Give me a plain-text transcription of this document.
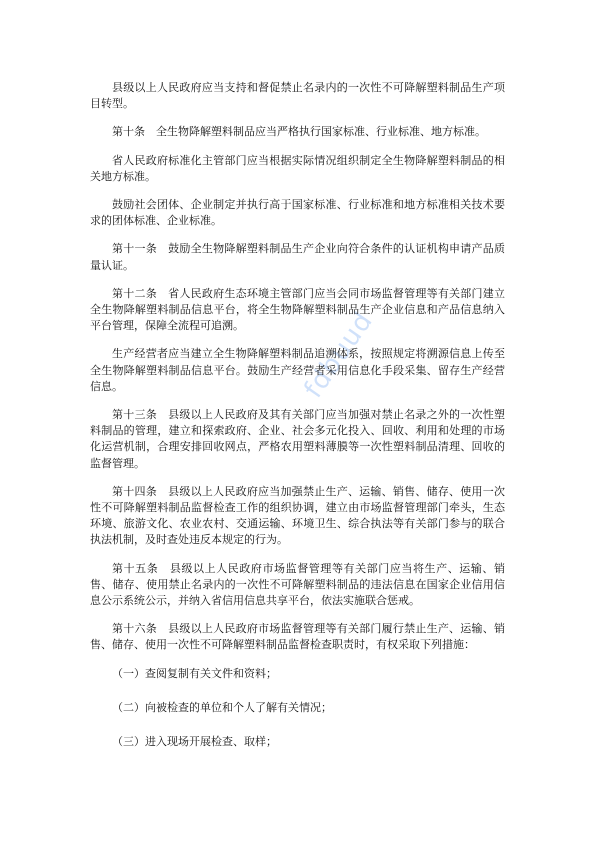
fdbuud

县级以上人民政府应当支持和督促禁止名录内的一次性不可降解塑料制品生产项目转型。

第十条　全生物降解塑料制品应当严格执行国家标准、行业标准、地方标准。

省人民政府标准化主管部门应当根据实际情况组织制定全生物降解塑料制品的相关地方标准。

鼓励社会团体、企业制定并执行高于国家标准、行业标准和地方标准相关技术要求的团体标准、企业标准。

第十一条　鼓励全生物降解塑料制品生产企业向符合条件的认证机构申请产品质量认证。

第十二条　省人民政府生态环境主管部门应当会同市场监督管理等有关部门建立全生物降解塑料制品信息平台，将全生物降解塑料制品生产企业信息和产品信息纳入平台管理，保障全流程可追溯。

生产经营者应当建立全生物降解塑料制品追溯体系，按照规定将溯源信息上传至全生物降解塑料制品信息平台。鼓励生产经营者采用信息化手段采集、留存生产经营信息。

第十三条　县级以上人民政府及其有关部门应当加强对禁止名录之外的一次性塑料制品的管理，建立和探索政府、企业、社会多元化投入、回收、利用和处理的市场化运营机制，合理安排回收网点，严格农用塑料薄膜等一次性塑料制品清理、回收的监督管理。

第十四条　县级以上人民政府应当加强禁止生产、运输、销售、储存、使用一次性不可降解塑料制品监督检查工作的组织协调，建立由市场监督管理部门牵头，生态环境、旅游文化、农业农村、交通运输、环境卫生、综合执法等有关部门参与的联合执法机制，及时查处违反本规定的行为。

第十五条　县级以上人民政府市场监督管理等有关部门应当将生产、运输、销售、储存、使用禁止名录内的一次性不可降解塑料制品的违法信息在国家企业信用信息公示系统公示，并纳入省信用信息共享平台，依法实施联合惩戒。

第十六条　县级以上人民政府市场监督管理等有关部门履行禁止生产、运输、销售、储存、使用一次性不可降解塑料制品监督检查职责时，有权采取下列措施：

（一）查阅复制有关文件和资料；

（二）向被检查的单位和个人了解有关情况；

（三）进入现场开展检查、取样；
